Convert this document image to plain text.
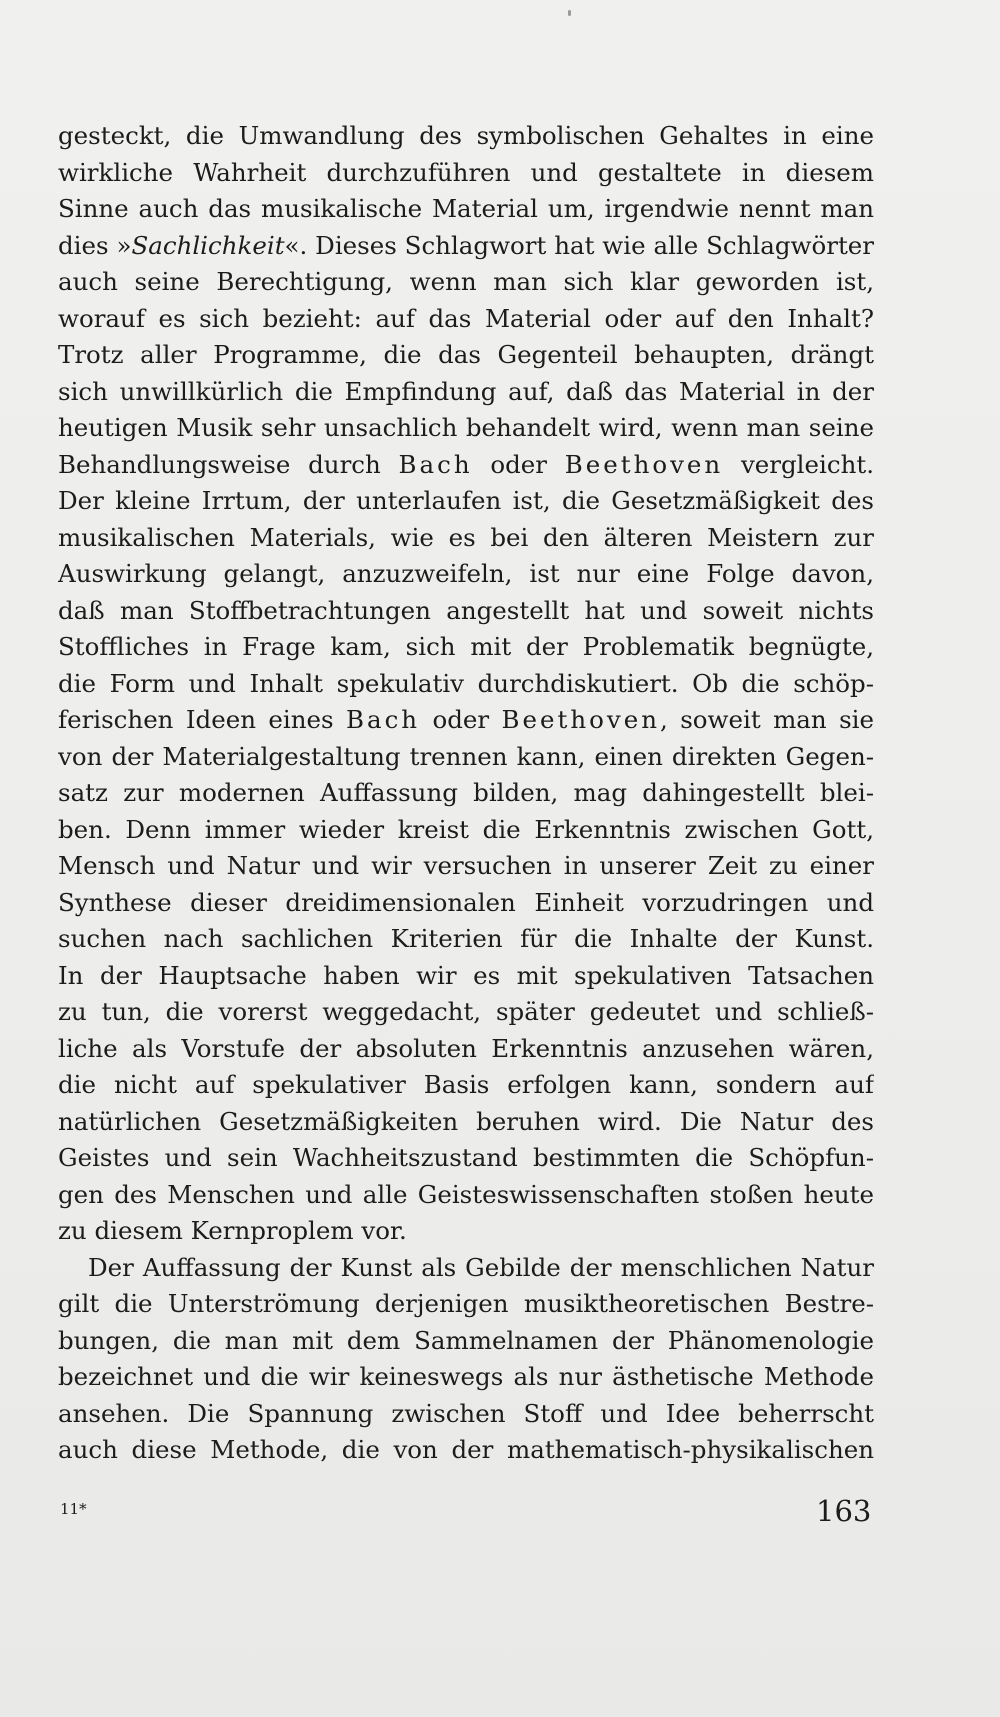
gesteckt, die Umwandlung des symbolischen Gehaltes in eine
wirkliche Wahrheit durchzuführen und gestaltete in diesem
Sinne auch das musikalische Material um, irgendwie nennt man
dies »Sachlichkeit«. Dieses Schlagwort hat wie alle Schlagwörter
auch seine Berechtigung, wenn man sich klar geworden ist,
worauf es sich bezieht: auf das Material oder auf den Inhalt?
Trotz aller Programme, die das Gegenteil behaupten, drängt
sich unwillkürlich die Empfindung auf, daß das Material in der
heutigen Musik sehr unsachlich behandelt wird, wenn man seine
Behandlungsweise durch Bach oder Beethoven vergleicht.
Der kleine Irrtum, der unterlaufen ist, die Gesetzmäßigkeit des
musikalischen Materials, wie es bei den älteren Meistern zur
Auswirkung gelangt, anzuzweifeln, ist nur eine Folge davon,
daß man Stoffbetrachtungen angestellt hat und soweit nichts
Stoffliches in Frage kam, sich mit der Problematik begnügte,
die Form und Inhalt spekulativ durchdiskutiert. Ob die schöp-
ferischen Ideen eines Bach oder Beethoven, soweit man sie
von der Materialgestaltung trennen kann, einen direkten Gegen-
satz zur modernen Auffassung bilden, mag dahingestellt blei-
ben. Denn immer wieder kreist die Erkenntnis zwischen Gott,
Mensch und Natur und wir versuchen in unserer Zeit zu einer
Synthese dieser dreidimensionalen Einheit vorzudringen und
suchen nach sachlichen Kriterien für die Inhalte der Kunst.
In der Hauptsache haben wir es mit spekulativen Tatsachen
zu tun, die vorerst weggedacht, später gedeutet und schließ-
liche als Vorstufe der absoluten Erkenntnis anzusehen wären,
die nicht auf spekulativer Basis erfolgen kann, sondern auf
natürlichen Gesetzmäßigkeiten beruhen wird. Die Natur des
Geistes und sein Wachheitszustand bestimmten die Schöpfun-
gen des Menschen und alle Geisteswissenschaften stoßen heute
zu diesem Kernproplem vor.
Der Auffassung der Kunst als Gebilde der menschlichen Natur
gilt die Unterströmung derjenigen musiktheoretischen Bestre-
bungen, die man mit dem Sammelnamen der Phänomenologie
bezeichnet und die wir keineswegs als nur ästhetische Methode
ansehen. Die Spannung zwischen Stoff und Idee beherrscht
auch diese Methode, die von der mathematisch-physikalischen
11*	163
